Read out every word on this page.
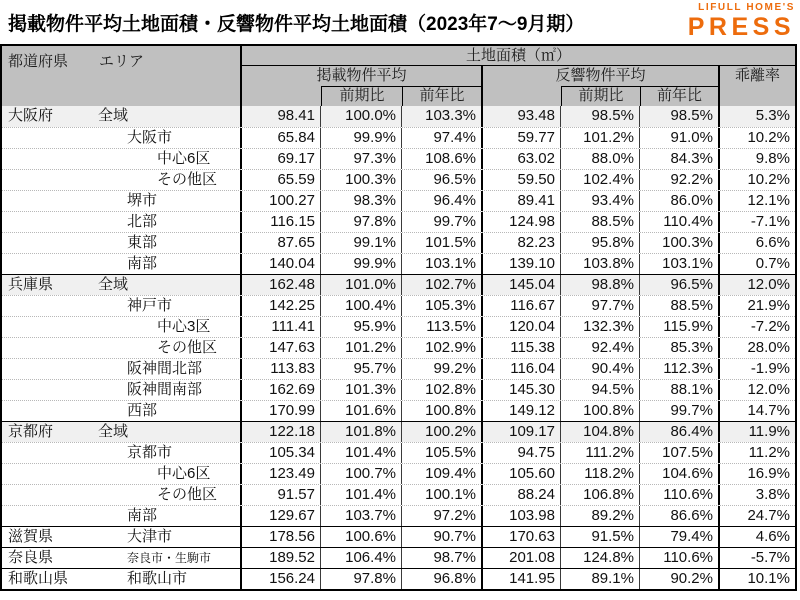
掲載物件平均土地面積・反響物件平均土地面積（2023年7～9月期）
LIFULL HOME'S
PRESS
都道府県 エリア	土地面積（㎡）
掲載物件平均
前期比	前年比
反響物件平均
前期比	前年比
乖離率
大阪府	全域	98.41	100.0%	103.3%	93.48	98.5%	98.5%	5.3%
大阪市	65.84	99.9%	97.4%	59.77	101.2%	91.0%	10.2%
中心6区	69.17	97.3%	108.6%	63.02	88.0%	84.3%	9.8%
その他区	65.59	100.3%	96.5%	59.50	102.4%	92.2%	10.2%
堺市	100.27	98.3%	96.4%	89.41	93.4%	86.0%	12.1%
北部	116.15	97.8%	99.7%	124.98	88.5%	110.4%	-7.1%
東部	87.65	99.1%	101.5%	82.23	95.8%	100.3%	6.6%
南部	140.04	99.9%	103.1%	139.10	103.8%	103.1%	0.7%
兵庫県	全域	162.48	101.0%	102.7%	145.04	98.8%	96.5%	12.0%
神戸市	142.25	100.4%	105.3%	116.67	97.7%	88.5%	21.9%
中心3区	111.41	95.9%	113.5%	120.04	132.3%	115.9%	-7.2%
その他区	147.63	101.2%	102.9%	115.38	92.4%	85.3%	28.0%
阪神間北部	113.83	95.7%	99.2%	116.04	90.4%	112.3%	-1.9%
阪神間南部	162.69	101.3%	102.8%	145.30	94.5%	88.1%	12.0%
西部	170.99	101.6%	100.8%	149.12	100.8%	99.7%	14.7%
京都府	全域	122.18	101.8%	100.2%	109.17	104.8%	86.4%	11.9%
京都市	105.34	101.4%	105.5%	94.75	111.2%	107.5%	11.2%
中心6区	123.49	100.7%	109.4%	105.60	118.2%	104.6%	16.9%
その他区	91.57	101.4%	100.1%	88.24	106.8%	110.6%	3.8%
南部	129.67	103.7%	97.2%	103.98	89.2%	86.6%	24.7%
滋賀県	大津市	178.56	100.6%	90.7%	170.63	91.5%	79.4%	4.6%
奈良県	奈良市・生駒市	189.52	106.4%	98.7%	201.08	124.8%	110.6%	-5.7%
和歌山県	和歌山市	156.24	97.8%	96.8%	141.95	89.1%	90.2%	10.1%
